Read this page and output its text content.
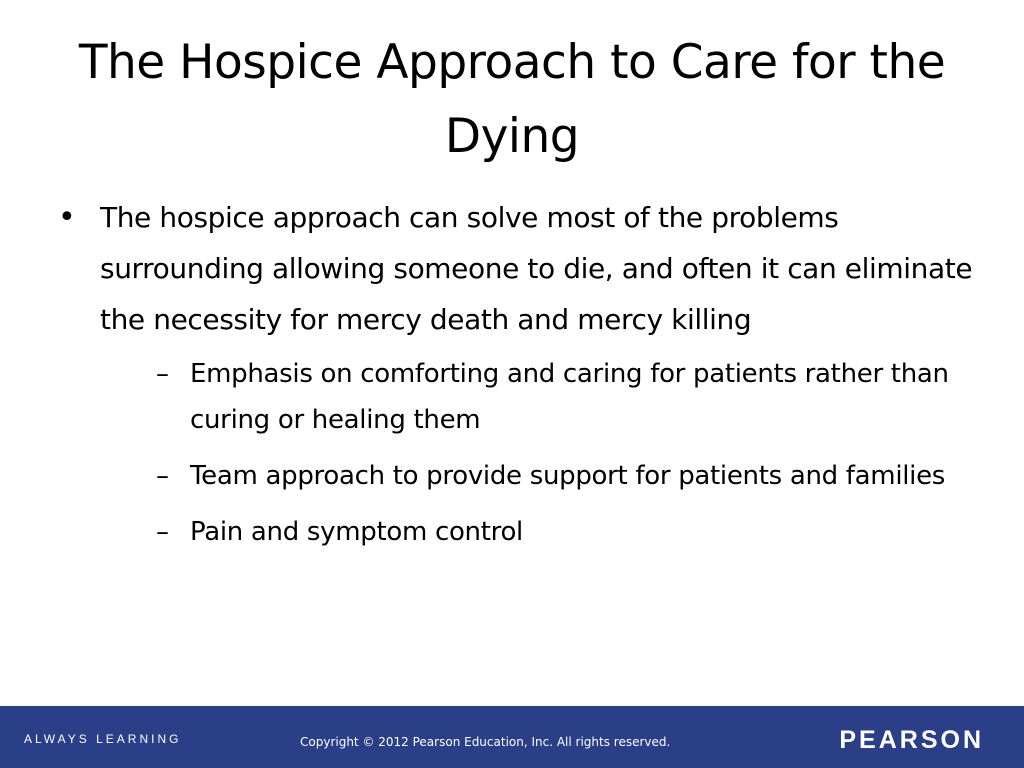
The Hospice Approach to Care for the Dying
• The hospice approach can solve most of the problems surrounding allowing someone to die, and often it can eliminate the necessity for mercy death and mercy killing
– Emphasis on comforting and caring for patients rather than curing or healing them
– Team approach to provide support for patients and families
– Pain and symptom control
ALWAYS LEARNING	Copyright © 2012 Pearson Education, Inc. All rights reserved.	PEARSON
